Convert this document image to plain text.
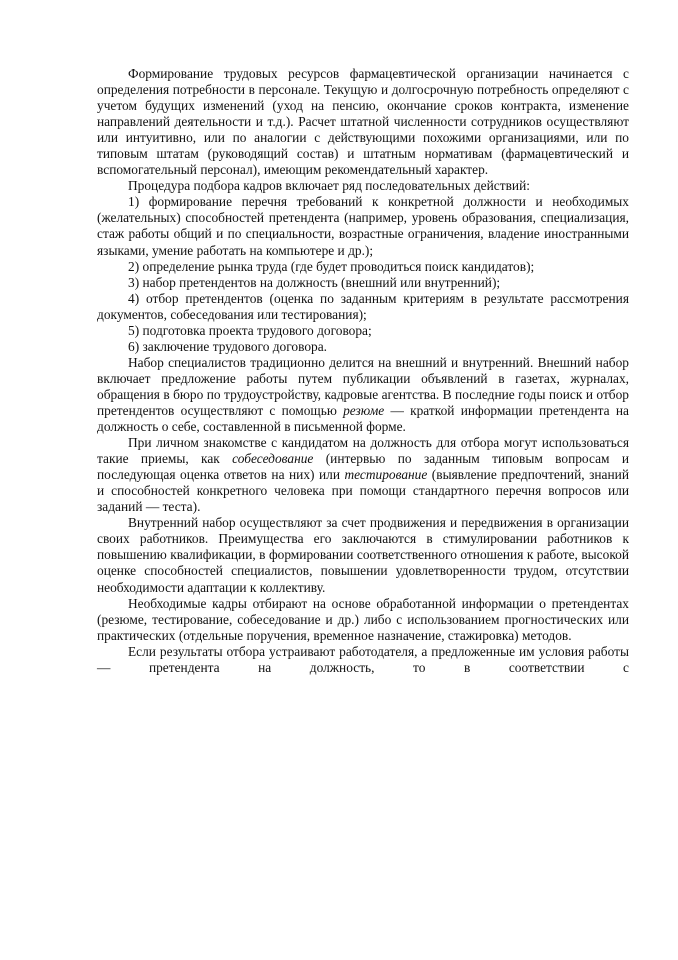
Формирование трудовых ресурсов фармацевтической организации начинается с определения потребности в персонале. Текущую и долгосрочную потребность определяют с учетом будущих изменений (уход на пенсию, окончание сроков контракта, изменение направлений деятельности и т.д.). Расчет штатной численности сотрудников осуществляют или интуитивно, или по аналогии с действующими похожими организациями, или по типовым штатам (руководящий состав) и штатным нормативам (фармацевтический и вспомогательный персонал), имеющим рекомендательный характер.

Процедура подбора кадров включает ряд последовательных действий:

1) формирование перечня требований к конкретной должности и необходимых (желательных) способностей претендента (например, уровень образования, специализация, стаж работы общий и по специальности, возрастные ограничения, владение иностранными языками, умение работать на компьютере и др.);

2) определение рынка труда (где будет проводиться поиск кандидатов);

3) набор претендентов на должность (внешний или внутренний);

4) отбор претендентов (оценка по заданным критериям в результате рассмотрения документов, собеседования или тестирования);

5) подготовка проекта трудового договора;

6) заключение трудового договора.

Набор специалистов традиционно делится на внешний и внутренний. Внешний набор включает предложение работы путем публикации объявлений в газетах, журналах, обращения в бюро по трудоустройству, кадровые агентства. В последние годы поиск и отбор претендентов осуществляют с помощью резюме — краткой информации претендента на должность о себе, составленной в письменной форме.

При личном знакомстве с кандидатом на должность для отбора могут использоваться такие приемы, как собеседование (интервью по заданным типовым вопросам и последующая оценка ответов на них) или тестирование (выявление предпочтений, знаний и способностей конкретного человека при помощи стандартного перечня вопросов или заданий — теста).

Внутренний набор осуществляют за счет продвижения и передвижения в организации своих работников. Преимущества его заключаются в стимулировании работников к повышению квалификации, в формировании соответственного отношения к работе, высокой оценке способностей специалистов, повышении удовлетворенности трудом, отсутствии необходимости адаптации к коллективу.

Необходимые кадры отбирают на основе обработанной информации о претендентах (резюме, тестирование, собеседование и др.) либо с использованием прогностических или практических (отдельные поручения, временное назначение, стажировка) методов.

Если результаты отбора устраивают работодателя, а предложенные им условия работы — претендента на должность, то в соответствии с
